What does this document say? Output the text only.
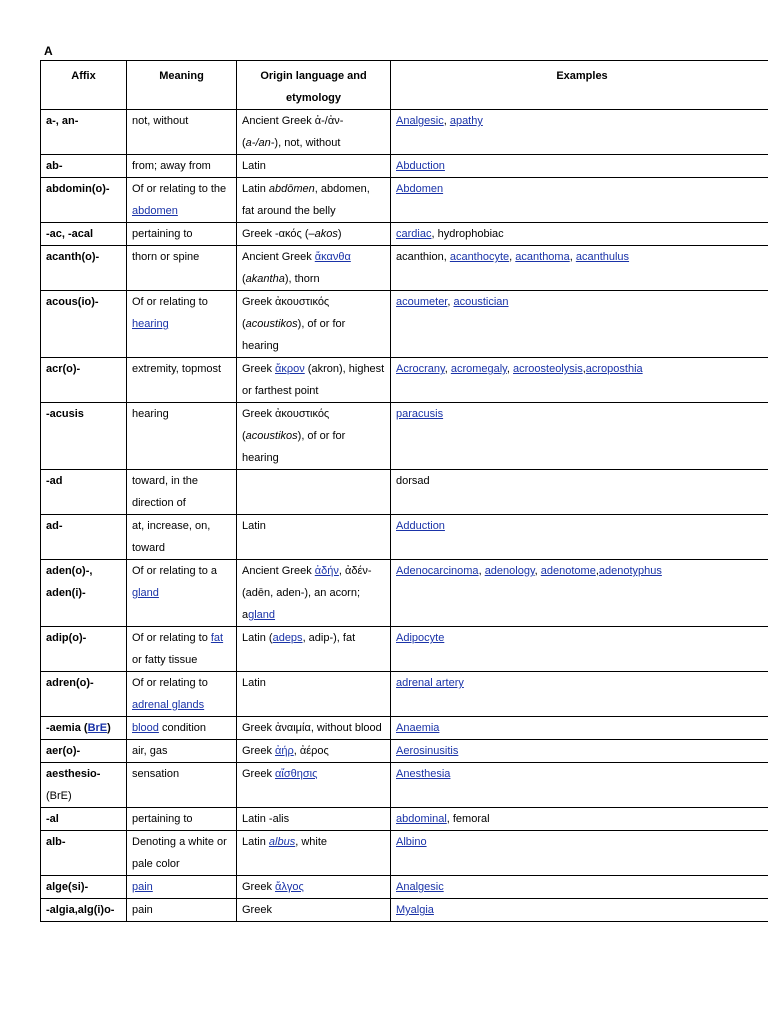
A
Affix	Meaning	Origin language and etymology	Examples
a-, an-	not, without	Ancient Greek ἀ-/ἀν- (a-/an-), not, without	Analgesic, apathy
ab-	from; away from	Latin	Abduction
abdomin(o)-	Of or relating to the abdomen	Latin abdōmen, abdomen, fat around the belly	Abdomen
-ac, -acal	pertaining to	Greek -ακός (–akos)	cardiac, hydrophobiac
acanth(o)-	thorn or spine	Ancient Greek ἄκανθα (akantha), thorn	acanthion, acanthocyte, acanthoma, acanthulus
acous(io)-	Of or relating to hearing	Greek ἀκουστικός (acoustikos), of or for hearing	acoumeter, acoustician
acr(o)-	extremity, topmost	Greek ἄκρον (akron), highest or farthest point	Acrocrany, acromegaly, acroosteolysis,acroposthia
-acusis	hearing	Greek ἀκουστικός (acoustikos), of or for hearing	paracusis
-ad	toward, in the direction of		dorsad
ad-	at, increase, on, toward	Latin	Adduction
aden(o)-, aden(i)-	Of or relating to a gland	Ancient Greek ἀδήν, ἀδέν- (adēn, aden-), an acorn; agland	Adenocarcinoma, adenology, adenotome,adenotyphus
adip(o)-	Of or relating to fat or fatty tissue	Latin (adeps, adip-), fat	Adipocyte
adren(o)-	Of or relating to adrenal glands	Latin	adrenal artery
-aemia (BrE)	blood condition	Greek ἀναιμία, without blood	Anaemia
aer(o)-	air, gas	Greek ἀήρ, ἀέρος	Aerosinusitis
aesthesio- (BrE)	sensation	Greek αἴσθησις	Anesthesia
-al	pertaining to	Latin -alis	abdominal, femoral
alb-	Denoting a white or pale color	Latin albus, white	Albino
alge(si)-	pain	Greek ἄλγος	Analgesic
-algia,alg(i)o-	pain	Greek	Myalgia
